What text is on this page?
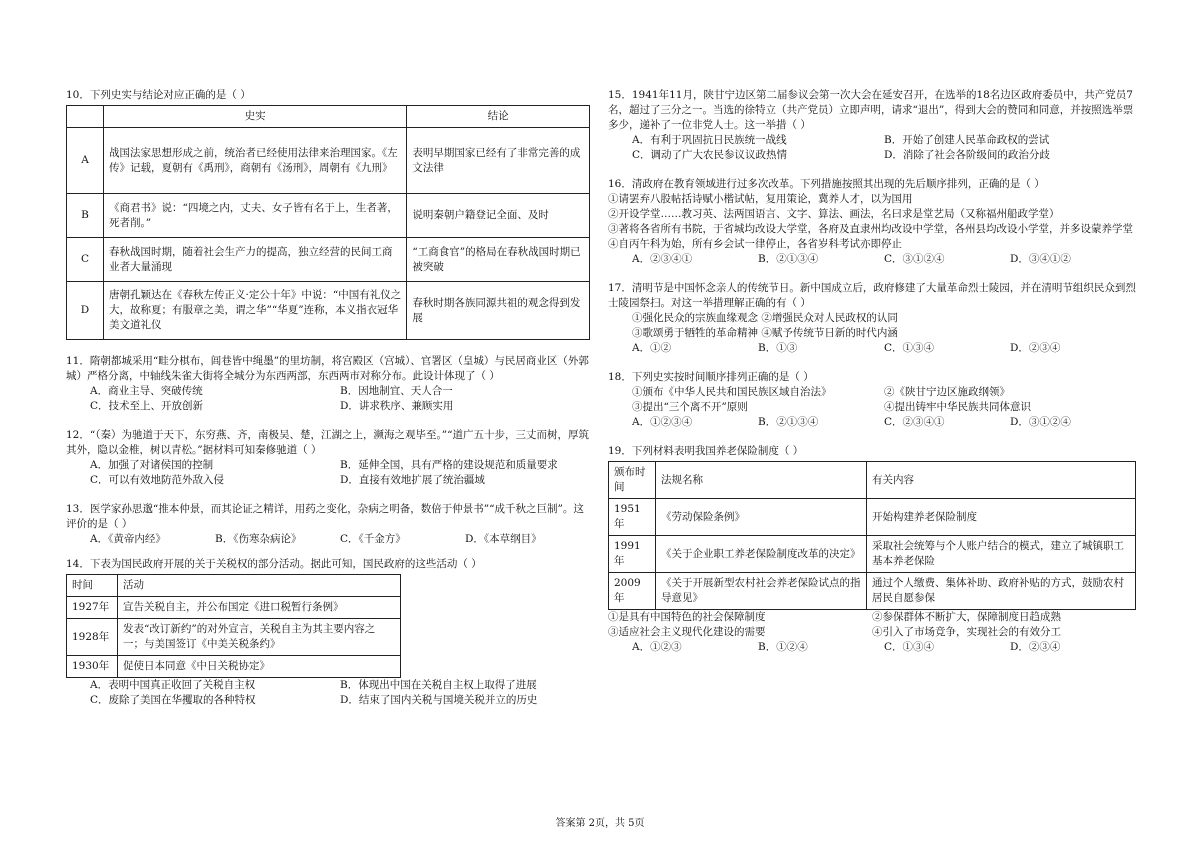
10．下列史实与结论对应正确的是（ ）

	史实	结论
A	战国法家思想形成之前，统治者已经使用法律来治理国家。《左传》记载，夏朝有《禹刑》，商朝有《汤刑》，周朝有《九刑》	表明早期国家已经有了非常完善的成文法律
B	《商君书》说：“四境之内，丈夫、女子皆有名于上，生者著，死者削。”	说明秦朝户籍登记全面、及时
C	春秋战国时期，随着社会生产力的提高，独立经营的民间工商业者大量涌现	“工商食官”的格局在春秋战国时期已被突破
D	唐朝孔颖达在《春秋左传正义·定公十年》中说：“中国有礼仪之大，故称夏；有服章之美，谓之华”“华夏”连称，本义指衣冠华美文道礼仪	春秋时期各族同源共祖的观念得到发展

11．隋朝都城采用“畦分棋布，闾巷皆中绳墨”的里坊制，将宫殿区（宫城）、官署区（皇城）与民居商业区（外郭城）严格分离，中轴线朱雀大街将全城分为东西两部，东西两市对称分布。此设计体现了（ ）

A．商业主导、突破传统	B．因地制宜、天人合一
C．技术至上、开放创新	D．讲求秩序、兼顾实用

12．“（秦）为驰道于天下，东穷燕、齐，南极吴、楚，江湖之上，濒海之观毕至。”“道广五十步，三丈而树，厚筑其外，隐以金椎，树以青松。”据材料可知秦修驰道（ ）

A．加强了对诸侯国的控制	B．延伸全国，具有严格的建设规范和质量要求
C．可以有效地防范外敌入侵	D．直接有效地扩展了统治疆域

13．医学家孙思邈“推本仲景，而其论证之精详，用药之变化，杂病之明备，数倍于仲景书”“成千秋之巨制”。这评价的是（ ）

A．《黄帝内经》	B．《伤寒杂病论》	C．《千金方》	D．《本草纲目》

14．下表为国民政府开展的关于关税权的部分活动。据此可知，国民政府的这些活动（ ）

时间	活动
1927年	宣告关税自主，并公布国定《进口税暂行条例》
1928年	发表“改订新约”的对外宣言，关税自主为其主要内容之一；与美国签订《中美关税条约》
1930年	促使日本同意《中日关税协定》
A．表明中国真正收回了关税自主权	B．体现出中国在关税自主权上取得了进展
C．废除了美国在华攫取的各种特权	D．结束了国内关税与国境关税并立的历史

15．1941年11月，陕甘宁边区第二届参议会第一次大会在延安召开，在选举的18名边区政府委员中，共产党员7名，超过了三分之一。当选的徐特立（共产党员）立即声明，请求“退出”，得到大会的赞同和同意，并按照选举票多少，递补了一位非党人士。这一举措（ ）

A．有利于巩固抗日民族统一战线	B．开始了创建人民革命政权的尝试
C．调动了广大农民参议议政热情	D．消除了社会各阶级间的政治分歧

16．清政府在教育领域进行过多次改革。下列措施按照其出现的先后顺序排列，正确的是（ ）

①请罢弃八股帖括诗赋小楷试帖，复用策论，冀养人才，以为国用
②开设学堂……教习英、法两国语言、文字、算法、画法，名曰求是堂艺局（又称福州船政学堂）
③著将各省所有书院，于省城均改设大学堂，各府及直隶州均改设中学堂，各州县均改设小学堂，并多设蒙养学堂
④自丙午科为始，所有乡会试一律停止，各省岁科考试亦即停止
A．②③④①	B．②①③④	C．③①②④	D．③④①②

17．清明节是中国怀念亲人的传统节日。新中国成立后，政府修建了大量革命烈士陵园，并在清明节组织民众到烈士陵园祭扫。对这一举措理解正确的有（ ）

①强化民众的宗族血缘观念 ②增强民众对人民政权的认同
③歌颂勇于牺牲的革命精神 ④赋予传统节日新的时代内涵
A．①②	B．①③	C．①③④	D．②③④

18．下列史实按时间顺序排列正确的是（ ）

①颁布《中华人民共和国民族区域自治法》	②《陕甘宁边区施政纲领》
③提出“三个离不开”原则	④提出铸牢中华民族共同体意识
A．①②③④	B．②①③④	C．②③④①	D．③①②④

19．下列材料表明我国养老保险制度（ ）

颁布时间	法规名称	有关内容
1951年	《劳动保险条例》	开始构建养老保险制度
1991年	《关于企业职工养老保险制度改革的决定》	采取社会统筹与个人账户结合的模式，建立了城镇职工基本养老保险
2009年	《关于开展新型农村社会养老保险试点的指导意见》	通过个人缴费、集体补助、政府补贴的方式，鼓励农村居民自愿参保
①是具有中国特色的社会保障制度	②参保群体不断扩大，保障制度日趋成熟
③适应社会主义现代化建设的需要	④引入了市场竞争，实现社会的有效分工
A．①②③	B．①②④	C．①③④	D．②③④
答案第 2页，共 5页
